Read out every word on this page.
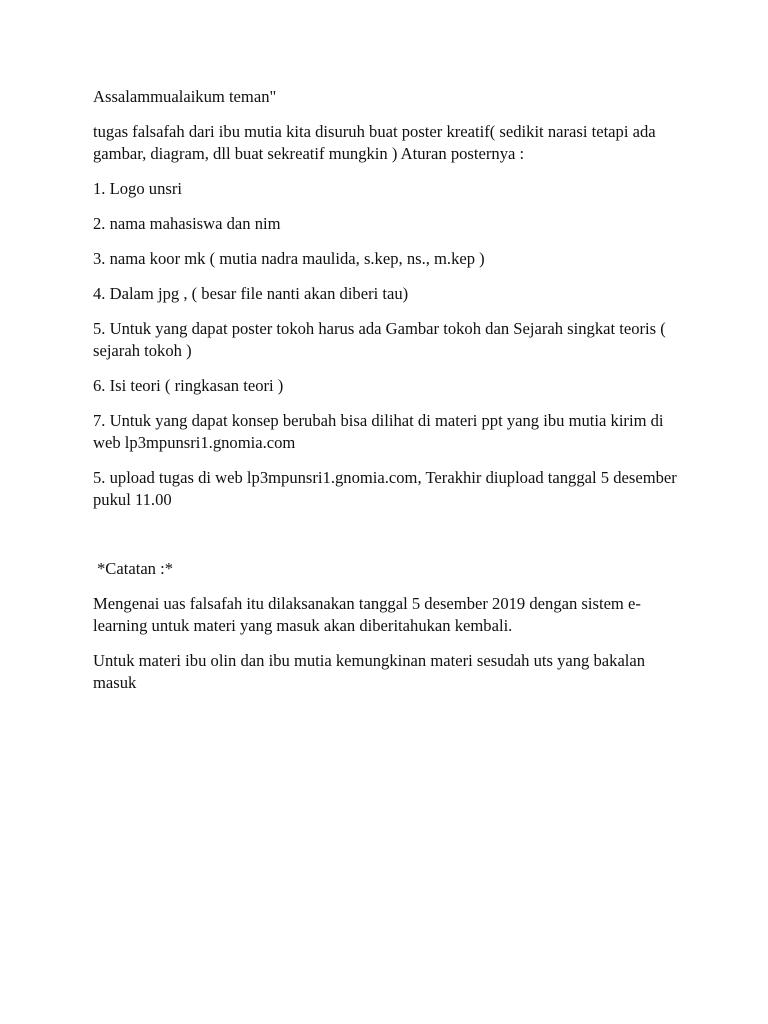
Assalammualaikum teman"

tugas falsafah dari ibu mutia kita disuruh buat poster kreatif( sedikit narasi tetapi ada gambar, diagram, dll buat sekreatif mungkin ) Aturan posternya :

1. Logo unsri

2. nama mahasiswa dan nim

3. nama koor mk ( mutia nadra maulida, s.kep, ns., m.kep )

4. Dalam jpg , ( besar file nanti akan diberi tau)

5. Untuk yang dapat poster tokoh harus ada Gambar tokoh dan Sejarah singkat teoris ( sejarah tokoh )

6. Isi teori ( ringkasan teori )

7. Untuk yang dapat konsep berubah bisa dilihat di materi ppt yang ibu mutia kirim di web lp3mpunsri1.gnomia.com

5. upload tugas di web lp3mpunsri1.gnomia.com, Terakhir diupload tanggal 5 desember pukul 11.00

*Catatan :*

Mengenai uas falsafah itu dilaksanakan tanggal 5 desember 2019 dengan sistem e-learning untuk materi yang masuk akan diberitahukan kembali.

Untuk materi ibu olin dan ibu mutia kemungkinan materi sesudah uts yang bakalan masuk
